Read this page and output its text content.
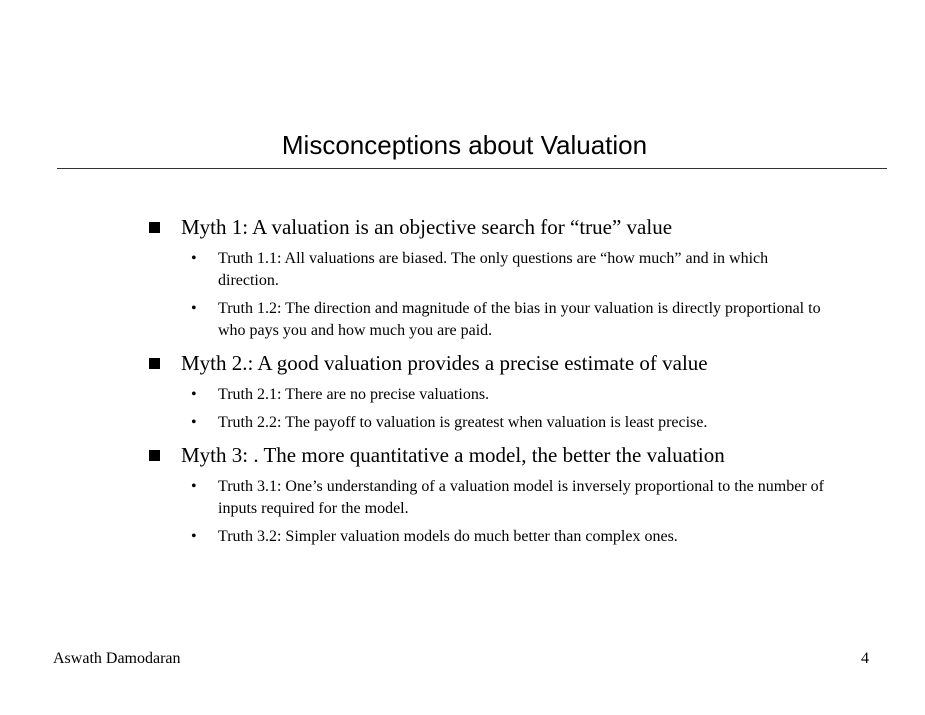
Misconceptions about Valuation
Myth 1: A valuation is an objective search for “true” value
• Truth 1.1: All valuations are biased. The only questions are “how much” and in which direction.
• Truth 1.2: The direction and magnitude of the bias in your valuation is directly proportional to who pays you and how much you are paid.
Myth 2.: A good valuation provides a precise estimate of value
• Truth 2.1: There are no precise valuations.
• Truth 2.2: The payoff to valuation is greatest when valuation is least precise.
Myth 3: . The more quantitative a model, the better the valuation
• Truth 3.1: One’s understanding of a valuation model is inversely proportional to the number of inputs required for the model.
• Truth 3.2: Simpler valuation models do much better than complex ones.
Aswath Damodaran	4
